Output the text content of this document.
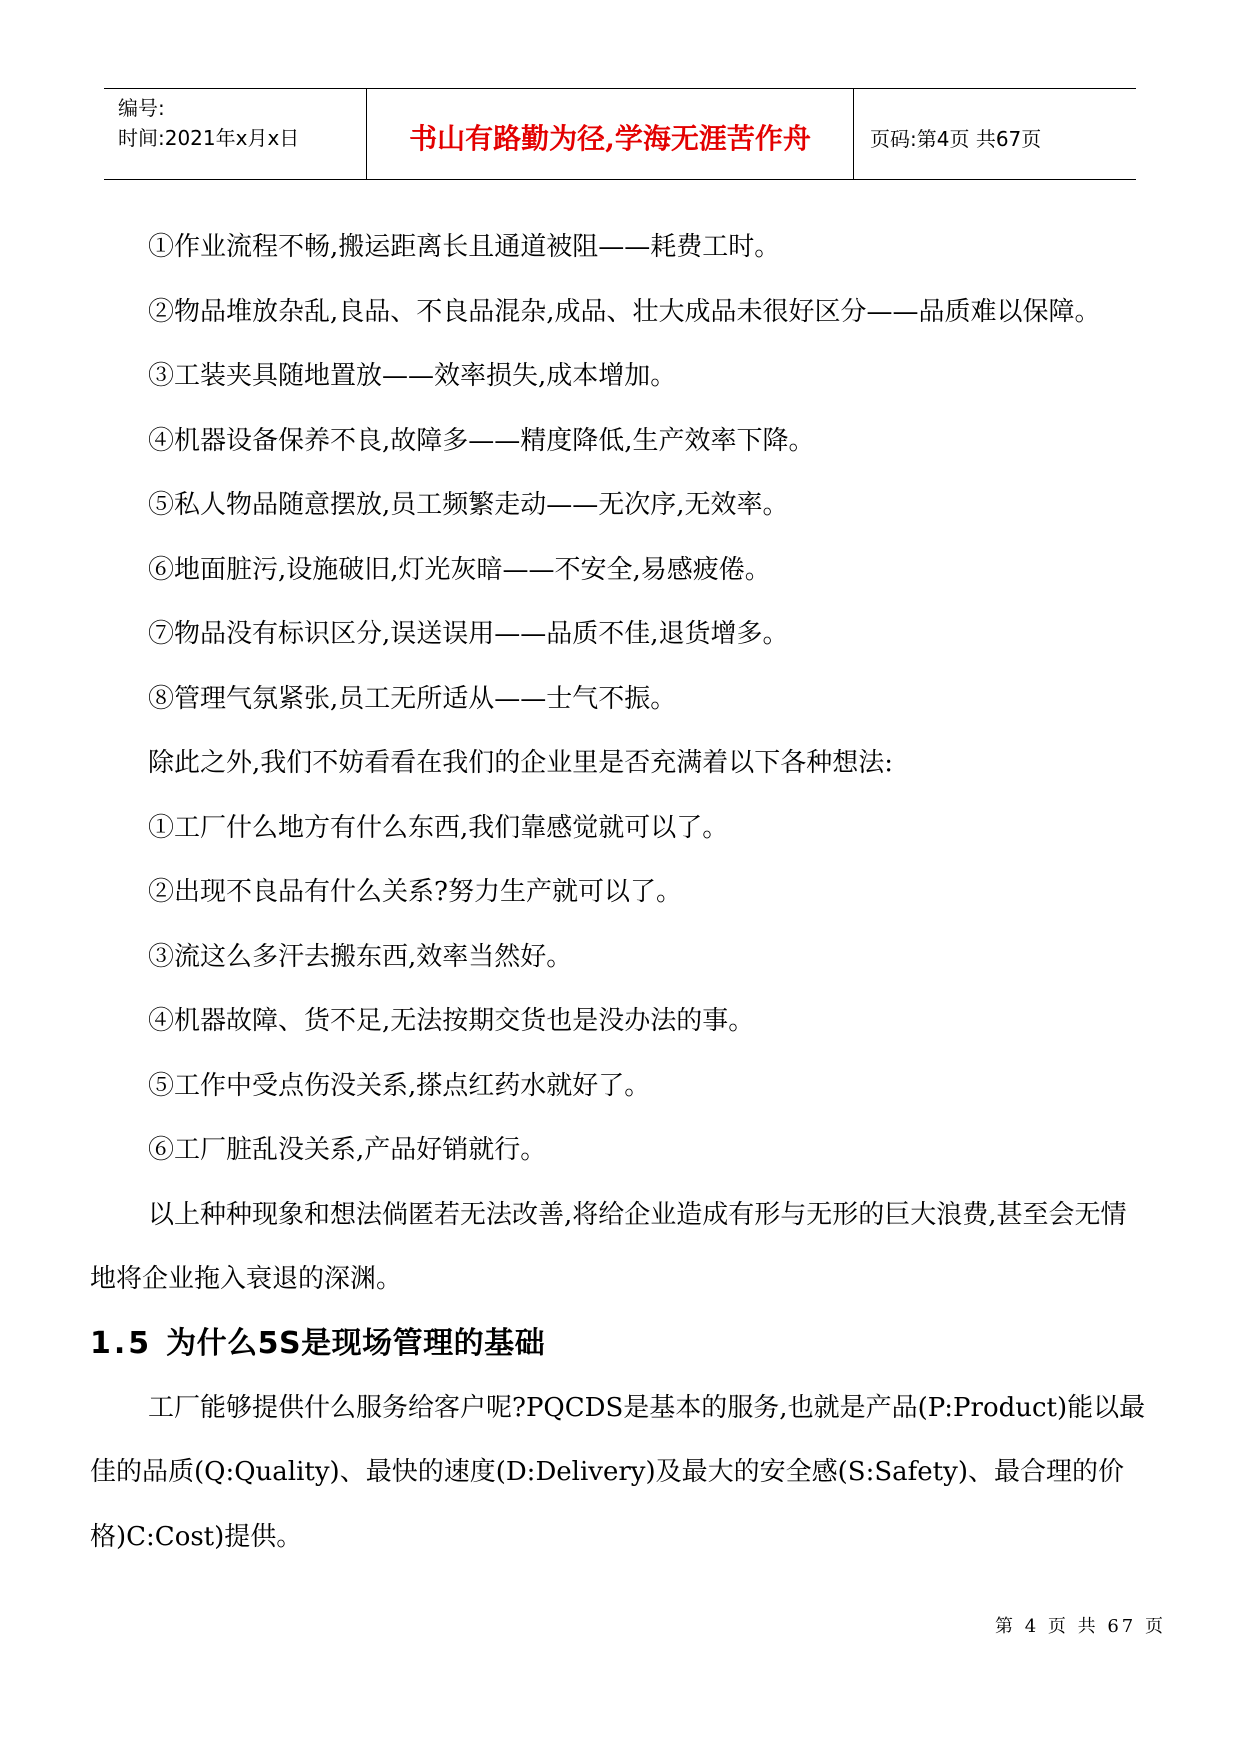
编号:
时间:2021年x月x日	书山有路勤为径,学海无涯苦作舟	页码:第4页 共67页

①作业流程不畅,搬运距离长且通道被阻——耗费工时。

②物品堆放杂乱,良品、不良品混杂,成品、壮大成品未很好区分——品质难以保障。

③工装夹具随地置放——效率损失,成本增加。

④机器设备保养不良,故障多——精度降低,生产效率下降。

⑤私人物品随意摆放,员工频繁走动——无次序,无效率。

⑥地面脏污,设施破旧,灯光灰暗——不安全,易感疲倦。

⑦物品没有标识区分,误送误用——品质不佳,退货增多。

⑧管理气氛紧张,员工无所适从——士气不振。

除此之外,我们不妨看看在我们的企业里是否充满着以下各种想法:

①工厂什么地方有什么东西,我们靠感觉就可以了。

②出现不良品有什么关系?努力生产就可以了。

③流这么多汗去搬东西,效率当然好。

④机器故障、货不足,无法按期交货也是没办法的事。

⑤工作中受点伤没关系,搽点红药水就好了。

⑥工厂脏乱没关系,产品好销就行。

以上种种现象和想法倘匿若无法改善,将给企业造成有形与无形的巨大浪费,甚至会无情地将企业拖入衰退的深渊。

1.5 为什么5S是现场管理的基础

工厂能够提供什么服务给客户呢?PQCDS是基本的服务,也就是产品(P:Product)能以最佳的品质(Q:Quality)、最快的速度(D:Delivery)及最大的安全感(S:Safety)、最合理的价格)C:Cost)提供。

第 4 页 共 67 页
